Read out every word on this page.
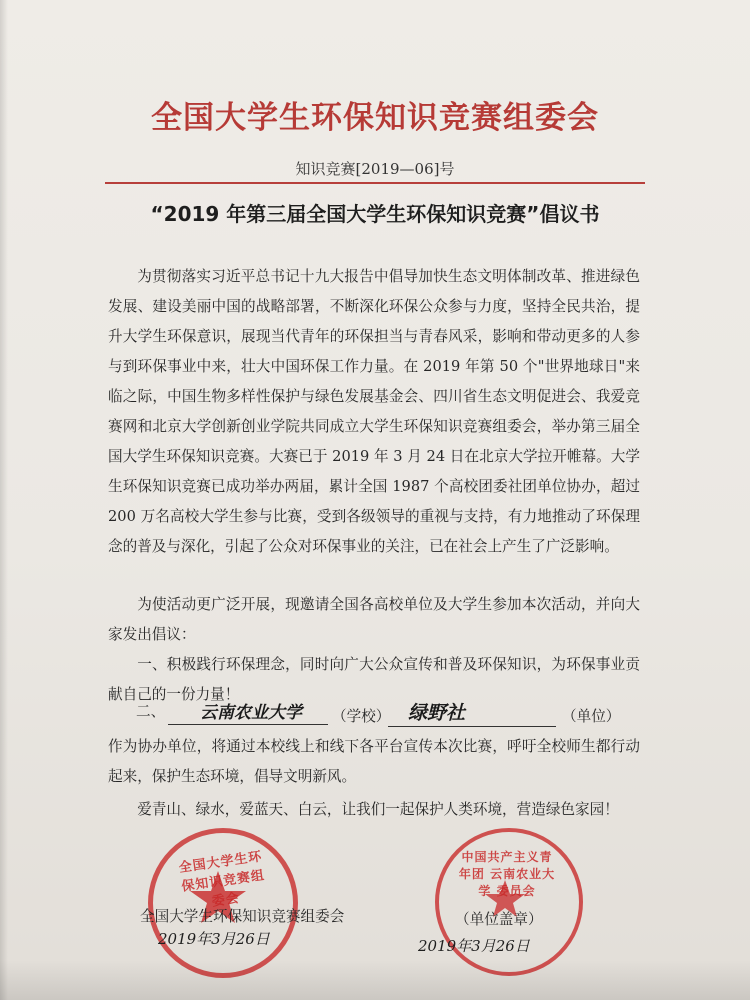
全国大学生环保知识竞赛组委会
知识竞赛[2019—06]号
“2019 年第三届全国大学生环保知识竞赛”倡议书
为贯彻落实习近平总书记十九大报告中倡导加快生态文明体制改革、推进绿色发展、建设美丽中国的战略部署，不断深化环保公众参与力度，坚持全民共治，提升大学生环保意识，展现当代青年的环保担当与青春风采，影响和带动更多的人参与到环保事业中来，壮大中国环保工作力量。在 2019 年第 50 个"世界地球日"来临之际，中国生物多样性保护与绿色发展基金会、四川省生态文明促进会、我爱竞赛网和北京大学创新创业学院共同成立大学生环保知识竞赛组委会，举办第三届全国大学生环保知识竞赛。大赛已于 2019 年 3 月 24 日在北京大学拉开帷幕。大学生环保知识竞赛已成功举办两届，累计全国 1987 个高校团委社团单位协办，超过 200 万名高校大学生参与比赛，受到各级领导的重视与支持，有力地推动了环保理念的普及与深化，引起了公众对环保事业的关注，已在社会上产生了广泛影响。
为使活动更广泛开展，现邀请全国各高校单位及大学生参加本次活动，并向大家发出倡议：
一、积极践行环保理念，同时向广大公众宣传和普及环保知识，为环保事业贡献自己的一份力量！
二、	云南农业大学 （学校） 绿野社	（单位）
作为协办单位，将通过本校线上和线下各平台宣传本次比赛，呼吁全校师生都行动起来，保护生态环境，倡导文明新风。
爱青山、绿水，爱蓝天、白云，让我们一起保护人类环境，营造绿色家园！
全国大学生环保知识竞赛组委会
中国共产主义青年团 云南农业大学 委员会
全国大学生环保知识竞赛组委会
2019年3月26日
（单位盖章）
2019年3月26日
